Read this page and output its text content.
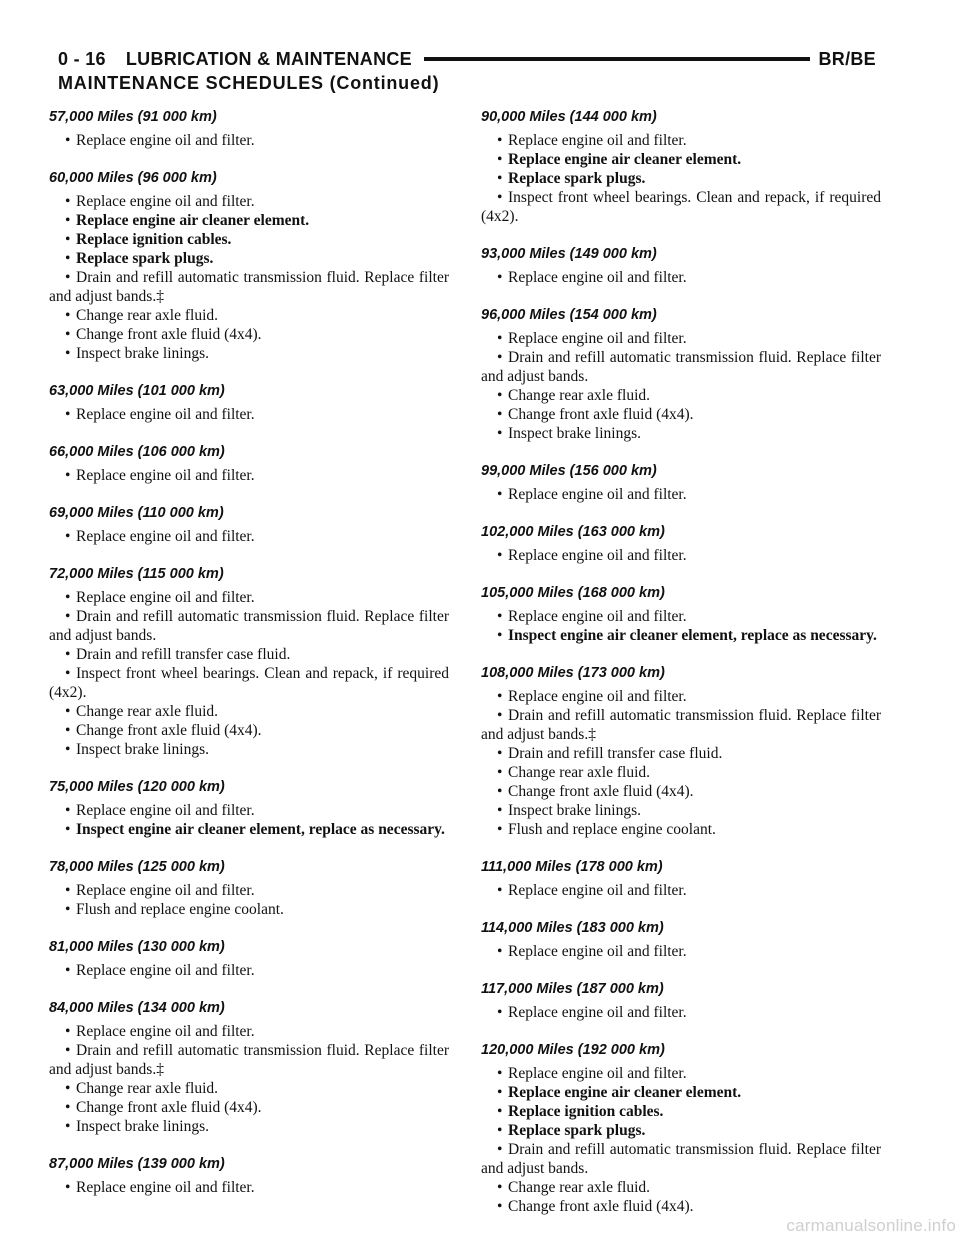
0 - 16 LUBRICATION & MAINTENANCE	BR/BE
MAINTENANCE SCHEDULES (Continued)
57,000 Miles (91 000 km)

• Replace engine oil and filter.

60,000 Miles (96 000 km)

• Replace engine oil and filter.

• Replace engine air cleaner element.

• Replace ignition cables.

• Replace spark plugs.

• Drain and refill automatic transmission fluid. Replace filter and adjust bands.‡

• Change rear axle fluid.

• Change front axle fluid (4x4).

• Inspect brake linings.

63,000 Miles (101 000 km)

• Replace engine oil and filter.

66,000 Miles (106 000 km)

• Replace engine oil and filter.

69,000 Miles (110 000 km)

• Replace engine oil and filter.

72,000 Miles (115 000 km)

• Replace engine oil and filter.

• Drain and refill automatic transmission fluid. Replace filter and adjust bands.

• Drain and refill transfer case fluid.

• Inspect front wheel bearings. Clean and repack, if required (4x2).

• Change rear axle fluid.

• Change front axle fluid (4x4).

• Inspect brake linings.

75,000 Miles (120 000 km)

• Replace engine oil and filter.

• Inspect engine air cleaner element, replace as necessary.

78,000 Miles (125 000 km)

• Replace engine oil and filter.

• Flush and replace engine coolant.

81,000 Miles (130 000 km)

• Replace engine oil and filter.

84,000 Miles (134 000 km)

• Replace engine oil and filter.

• Drain and refill automatic transmission fluid. Replace filter and adjust bands.‡

• Change rear axle fluid.

• Change front axle fluid (4x4).

• Inspect brake linings.

87,000 Miles (139 000 km)

• Replace engine oil and filter.

90,000 Miles (144 000 km)

• Replace engine oil and filter.

• Replace engine air cleaner element.

• Replace spark plugs.

• Inspect front wheel bearings. Clean and repack, if required (4x2).

93,000 Miles (149 000 km)

• Replace engine oil and filter.

96,000 Miles (154 000 km)

• Replace engine oil and filter.

• Drain and refill automatic transmission fluid. Replace filter and adjust bands.

• Change rear axle fluid.

• Change front axle fluid (4x4).

• Inspect brake linings.

99,000 Miles (156 000 km)

• Replace engine oil and filter.

102,000 Miles (163 000 km)

• Replace engine oil and filter.

105,000 Miles (168 000 km)

• Replace engine oil and filter.

• Inspect engine air cleaner element, replace as necessary.

108,000 Miles (173 000 km)

• Replace engine oil and filter.

• Drain and refill automatic transmission fluid. Replace filter and adjust bands.‡

• Drain and refill transfer case fluid.

• Change rear axle fluid.

• Change front axle fluid (4x4).

• Inspect brake linings.

• Flush and replace engine coolant.

111,000 Miles (178 000 km)

• Replace engine oil and filter.

114,000 Miles (183 000 km)

• Replace engine oil and filter.

117,000 Miles (187 000 km)

• Replace engine oil and filter.

120,000 Miles (192 000 km)

• Replace engine oil and filter.

• Replace engine air cleaner element.

• Replace ignition cables.

• Replace spark plugs.

• Drain and refill automatic transmission fluid. Replace filter and adjust bands.

• Change rear axle fluid.

• Change front axle fluid (4x4).

carmanualsonline.info
